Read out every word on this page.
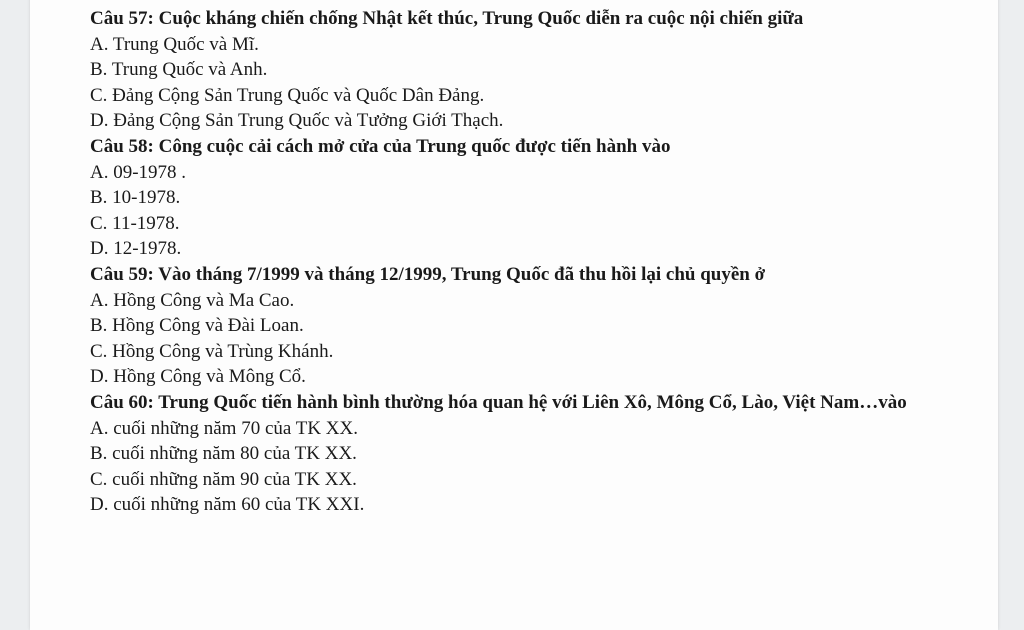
Câu 57: Cuộc kháng chiến chống Nhật kết thúc, Trung Quốc diễn ra cuộc nội chiến giữa

A. Trung Quốc và Mĩ.

B. Trung Quốc và Anh.

C. Đảng Cộng Sản Trung Quốc và Quốc Dân Đảng.

D. Đảng Cộng Sản Trung Quốc và Tưởng Giới Thạch.

Câu 58: Công cuộc cải cách mở cửa của Trung quốc được tiến hành vào

A. 09-1978 .

B. 10-1978.

C. 11-1978.

D. 12-1978.

Câu 59: Vào tháng 7/1999 và tháng 12/1999, Trung Quốc đã thu hồi lại chủ quyền ở

A. Hồng Công và Ma Cao.

B. Hồng Công và Đài Loan.

C. Hồng Công và Trùng Khánh.

D. Hồng Công và Mông Cổ.

Câu 60: Trung Quốc tiến hành bình thường hóa quan hệ với Liên Xô, Mông Cổ, Lào, Việt Nam…vào

A. cuối những năm 70 của TK XX.

B. cuối những năm 80 của TK XX.

C. cuối những năm 90 của TK XX.

D. cuối những năm 60 của TK XXI.
